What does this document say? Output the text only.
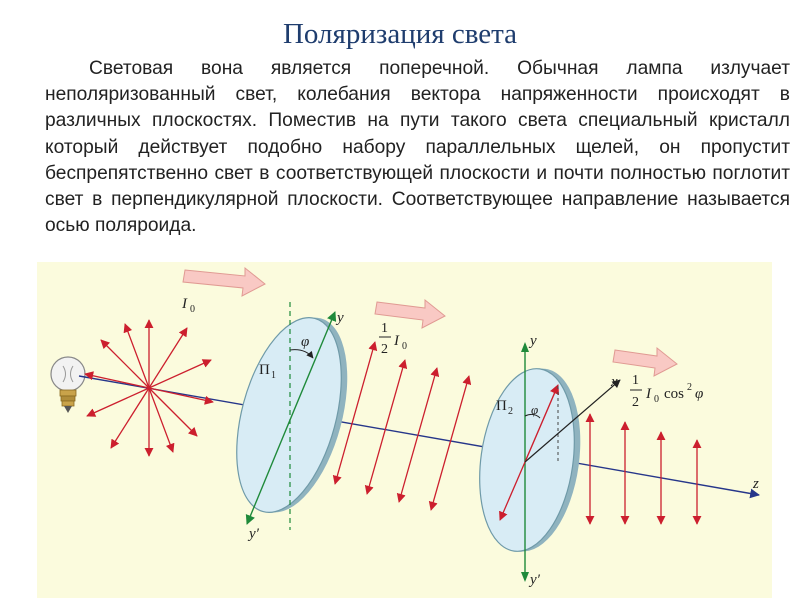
Поляризация света
Световая вона является поперечной. Обычная лампа излучает неполяризованный свет, колебания вектора напряженности происходят в различных плоскостях. Поместив на пути такого света специальный кристалл который действует подобно набору параллельных щелей, он пропустит беспрепятственно свет в соответствующей плоскости и почти полностью поглотит свет в перпендикулярной плоскости. Соответствующее направление называется осью поляроида.
I 0
φ
Π 1
y
y′
1
2
I 0
φ
Π 2
y
y′
x 1
2
I 0 cos 2 φ
z
